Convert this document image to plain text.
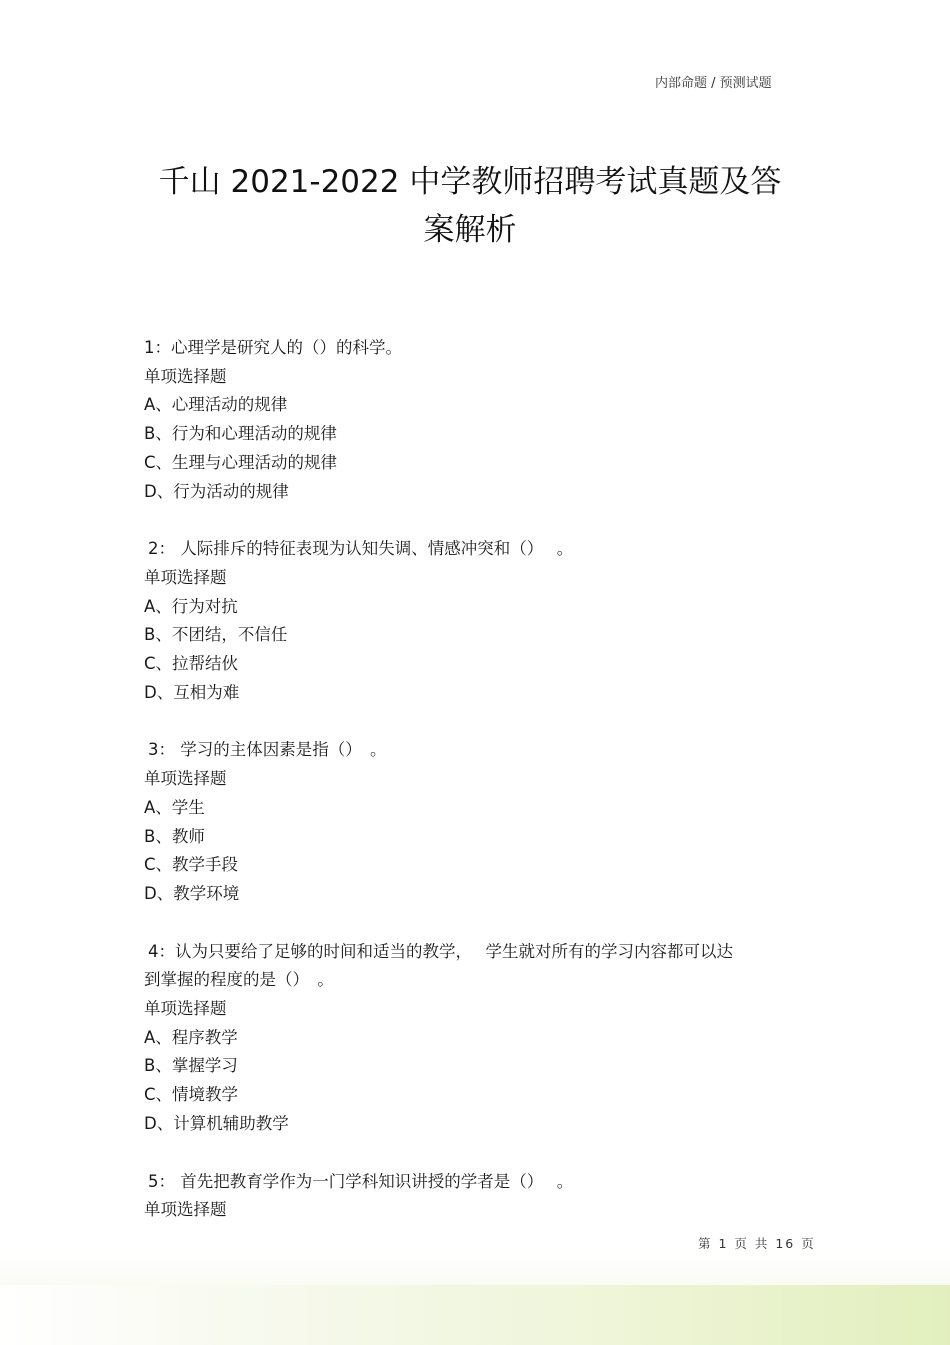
内部命题 / 预测试题
千山 2021-2022 中学教师招聘考试真题及答
案解析

1：心理学是研究人的（）的科学。

单项选择题

A、心理活动的规律

B、行为和心理活动的规律

C、生理与心理活动的规律

D、行为活动的规律

2： 人际排斥的特征表现为认知失调、情感冲突和（）　 。

单项选择题

A、行为对抗

B、不团结，不信任

C、拉帮结伙

D、互相为难

3： 学习的主体因素是指（）　。

单项选择题

A、学生

B、教师

C、教学手段

D、教学环境

4：认为只要给了足够的时间和适当的教学，　 学生就对所有的学习内容都可以达

到掌握的程度的是（）　。

单项选择题

A、程序教学

B、掌握学习

C、情境教学

D、计算机辅助教学

5： 首先把教育学作为一门学科知识讲授的学者是（）　 。

单项选择题

第 1 页 共 16 页
